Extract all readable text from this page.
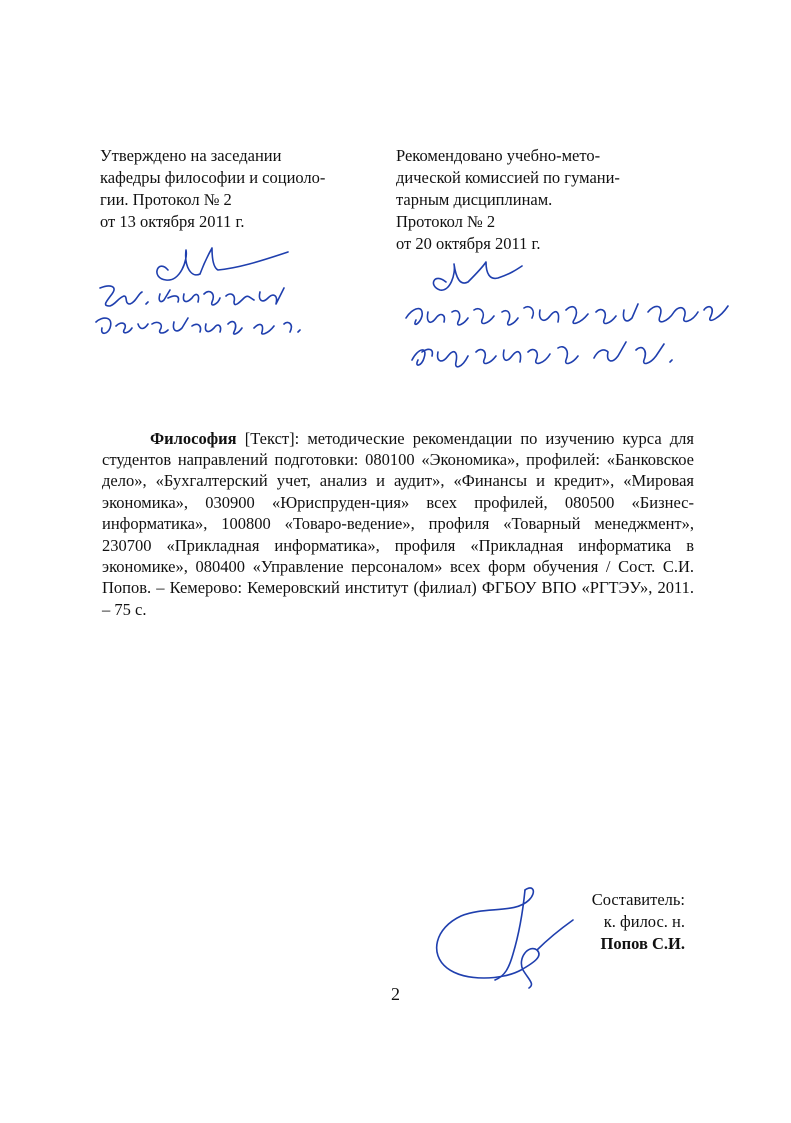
Утверждено на заседании
кафедры философии и социоло-
гии. Протокол № 2
от 13 октября 2011 г.
Рекомендовано учебно-мето-
дической комиссией по гумани-
тарным дисциплинам.
Протокол № 2
от 20 октября 2011 г.

Философия [Текст]: методические рекомендации по изучению курса для студентов направлений подготовки: 080100 «Экономика», профилей: «Банковское дело», «Бухгалтерский учет, анализ и аудит», «Финансы и кредит», «Мировая экономика», 030900 «Юриспруден-ция» всех профилей, 080500 «Бизнес-информатика», 100800 «Товаро-ведение», профиля «Товарный менеджмент», 230700 «Прикладная информатика», профиля «Прикладная информатика в экономике», 080400 «Управление персоналом» всех форм обучения / Сост. С.И. Попов. – Кемерово: Кемеровский институт (филиал) ФГБОУ ВПО «РГТЭУ», 2011. – 75 с.

Составитель:
к. филос. н.
Попов С.И.
2
